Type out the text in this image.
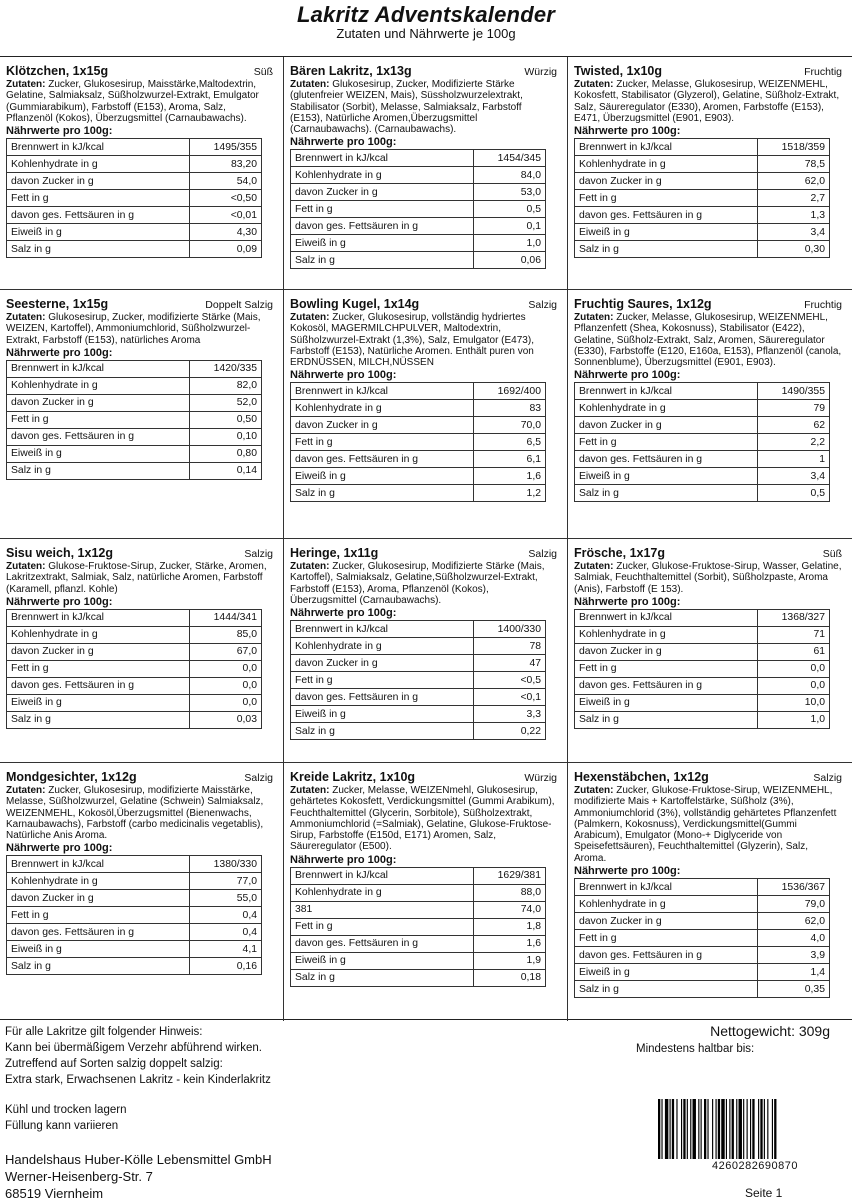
Lakritz Adventskalender
Zutaten und Nährwerte je 100g
Klötzchen, 1x15g	Süß
Zutaten: Zucker, Glukosesirup, Maisstärke,Maltodextrin, Gelatine, Salmiaksalz, Süßholzwurzel-Extrakt, Emulgator (Gummiarabikum), Farbstoff (E153), Aroma, Salz, Pflanzenöl (Kokos), Überzugsmittel (Carnaubawachs).
Nährwerte pro 100g:
Brennwert in kJ/kcal	1495/355
Kohlenhydrate in g	83,20
davon Zucker in g	54,0
Fett in g	<0,50
davon ges. Fettsäuren in g	<0,01
Eiweiß in g	4,30
Salz in g	0,09
Bären Lakritz, 1x13g	Würzig
Zutaten: Glukosesirup, Zucker, Modifizierte Stärke (glutenfreier WEIZEN, Mais), Süssholzwurzelextrakt, Stabilisator (Sorbit), Melasse, Salmiaksalz, Farbstoff (E153), Natürliche Aromen,Überzugsmittel (Carnaubawachs). (Carnaubawachs).
Nährwerte pro 100g:
Brennwert in kJ/kcal	1454/345
Kohlenhydrate in g	84,0
davon Zucker in g	53,0
Fett in g	0,5
davon ges. Fettsäuren in g	0,1
Eiweiß in g	1,0
Salz in g	0,06
Twisted, 1x10g	Fruchtig
Zutaten: Zucker, Melasse, Glukosesirup, WEIZENMEHL, Kokosfett, Stabilisator (Glyzerol), Gelatine, Süßholz-Extrakt, Salz, Säureregulator (E330), Aromen, Farbstoffe (E153), E471, Überzugsmittel (E901, E903).
Nährwerte pro 100g:
Brennwert in kJ/kcal	1518/359
Kohlenhydrate in g	78,5
davon Zucker in g	62,0
Fett in g	2,7
davon ges. Fettsäuren in g	1,3
Eiweiß in g	3,4
Salz in g	0,30
Seesterne, 1x15g	Doppelt Salzig
Zutaten: Glukosesirup, Zucker, modifizierte Stärke (Mais, WEIZEN, Kartoffel), Ammoniumchlorid, Süßholzwurzel-Extrakt, Farbstoff (E153), natürliches Aroma
Nährwerte pro 100g:
Brennwert in kJ/kcal	1420/335
Kohlenhydrate in g	82,0
davon Zucker in g	52,0
Fett in g	0,50
davon ges. Fettsäuren in g	0,10
Eiweiß in g	0,80
Salz in g	0,14
Bowling Kugel, 1x14g	Salzig
Zutaten: Zucker, Glukosesirup, vollständig hydriertes Kokosöl, MAGERMILCHPULVER, Maltodextrin, Süßholzwurzel-Extrakt (1,3%), Salz, Emulgator (E473), Farbstoff (E153), Natürliche Aromen. Enthält puren von ERDNÜSSEN, MILCH,NÜSSEN
Nährwerte pro 100g:
Brennwert in kJ/kcal	1692/400
Kohlenhydrate in g	83
davon Zucker in g	70,0
Fett in g	6,5
davon ges. Fettsäuren in g	6,1
Eiweiß in g	1,6
Salz in g	1,2
Fruchtig Saures, 1x12g	Fruchtig
Zutaten: Zucker, Melasse, Glukosesirup, WEIZENMEHL, Pflanzenfett (Shea, Kokosnuss), Stabilisator (E422), Gelatine, Süßholz-Extrakt, Salz, Aromen, Säureregulator (E330), Farbstoffe (E120, E160a, E153), Pflanzenöl (canola, Sonnenblume), Überzugsmittel (E901, E903).
Nährwerte pro 100g:
Brennwert in kJ/kcal	1490/355
Kohlenhydrate in g	79
davon Zucker in g	62
Fett in g	2,2
davon ges. Fettsäuren in g	1
Eiweiß in g	3,4
Salz in g	0,5
Sisu weich, 1x12g	Salzig
Zutaten: Glukose-Fruktose-Sirup, Zucker, Stärke, Aromen, Lakritzextrakt, Salmiak, Salz, natürliche Aromen, Farbstoff (Karamell, pflanzl. Kohle)
Nährwerte pro 100g:
Brennwert in kJ/kcal	1444/341
Kohlenhydrate in g	85,0
davon Zucker in g	67,0
Fett in g	0,0
davon ges. Fettsäuren in g	0,0
Eiweiß in g	0,0
Salz in g	0,03
Heringe, 1x11g	Salzig
Zutaten: Zucker, Glukosesirup, Modifizierte Stärke (Mais, Kartoffel), Salmiaksalz, Gelatine,Süßholzwurzel-Extrakt, Farbstoff (E153), Aroma, Pflanzenöl (Kokos), Überzugsmittel (Carnaubawachs).
Nährwerte pro 100g:
Brennwert in kJ/kcal	1400/330
Kohlenhydrate in g	78
davon Zucker in g	47
Fett in g	<0,5
davon ges. Fettsäuren in g	<0,1
Eiweiß in g	3,3
Salz in g	0,22
Frösche, 1x17g	Süß
Zutaten: Zucker, Glukose-Fruktose-Sirup, Wasser, Gelatine, Salmiak, Feuchthaltemittel (Sorbit), Süßholzpaste, Aroma (Anis), Farbstoff (E 153).
Nährwerte pro 100g:
Brennwert in kJ/kcal	1368/327
Kohlenhydrate in g	71
davon Zucker in g	61
Fett in g	0,0
davon ges. Fettsäuren in g	0,0
Eiweiß in g	10,0
Salz in g	1,0
Mondgesichter, 1x12g	Salzig
Zutaten: Zucker, Glukosesirup, modifizierte Maisstärke, Melasse, Süßholzwurzel, Gelatine (Schwein) Salmiaksalz, WEIZENMEHL, Kokosöl,Überzugsmittel (Bienenwachs, Karnaubawachs), Farbstoff (carbo medicinalis vegetablis), Natürliche Anis Aroma.
Nährwerte pro 100g:
Brennwert in kJ/kcal	1380/330
Kohlenhydrate in g	77,0
davon Zucker in g	55,0
Fett in g	0,4
davon ges. Fettsäuren in g	0,4
Eiweiß in g	4,1
Salz in g	0,16
Kreide Lakritz, 1x10g	Würzig
Zutaten: Zucker, Melasse, WEIZENmehl, Glukosesirup, gehärtetes Kokosfett, Verdickungsmittel (Gummi Arabikum), Feuchthaltemittel (Glycerin, Sorbitole), Süßholzextrakt, Ammoniumchlorid (=Salmiak), Gelatine, Glukose-Fruktose-Sirup, Farbstoffe (E150d, E171) Aromen, Salz, Säureregulator (E500).
Nährwerte pro 100g:
Brennwert in kJ/kcal	1629/381
Kohlenhydrate in g	88,0
381	74,0
Fett in g	1,8
davon ges. Fettsäuren in g	1,6
Eiweiß in g	1,9
Salz in g	0,18
Hexenstäbchen, 1x12g	Salzig
Zutaten: Zucker, Glukose-Fruktose-Sirup, WEIZENMEHL, modifizierte Mais + Kartoffelstärke, Süßholz (3%), Ammoniumchlorid (3%), vollständig gehärtetes Pflanzenfett (Palmkern, Kokosnuss), Verdickungsmittel(Gummi Arabicum), Emulgator (Mono-+ Diglyceride von Speisefettsäuren), Feuchthaltemittel (Glyzerin), Salz, Aroma.
Nährwerte pro 100g:
Brennwert in kJ/kcal	1536/367
Kohlenhydrate in g	79,0
davon Zucker in g	62,0
Fett in g	4,0
davon ges. Fettsäuren in g	3,9
Eiweiß in g	1,4
Salz in g	0,35
Für alle Lakritze gilt folgender Hinweis:
Kann bei übermäßigem Verzehr abführend wirken.
Zutreffend auf Sorten salzig doppelt salzig:
Extra stark, Erwachsenen Lakritz - kein Kinderlakritz
Kühl und trocken lagern
Füllung kann variieren
Handelshaus Huber-Kölle Lebensmittel GmbH
Werner-Heisenberg-Str. 7
68519 Viernheim
Nettogewicht: 309g
Mindestens haltbar bis:
4260282690870
Seite 1
